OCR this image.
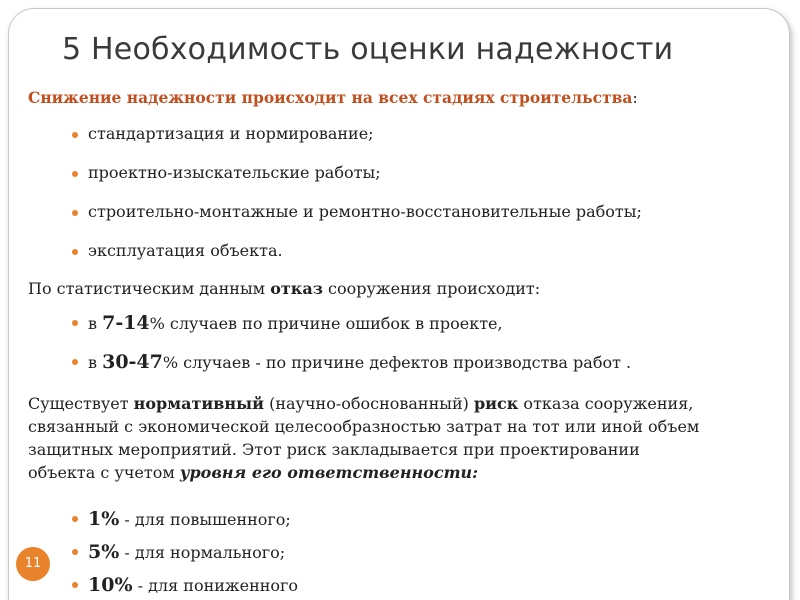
5 Необходимость оценки надежности
Снижение надежности происходит на всех стадиях строительства:
стандартизация и нормирование;
проектно-изыскательские работы;
строительно-монтажные и ремонтно-восстановительные работы;
эксплуатация объекта.
По статистическим данным отказ сооружения происходит:
в 7-14% случаев по причине ошибок в проекте,
в 30-47% случаев - по причине дефектов производства работ .
Существует нормативный (научно-обоснованный) риск отказа сооружения,
связанный с экономической целесообразностью затрат на тот или иной объем
защитных мероприятий. Этот риск закладывается при проектировании
объекта с учетом уровня его ответственности:
1% - для повышенного;
5% - для нормального;
10% - для пониженного
11
